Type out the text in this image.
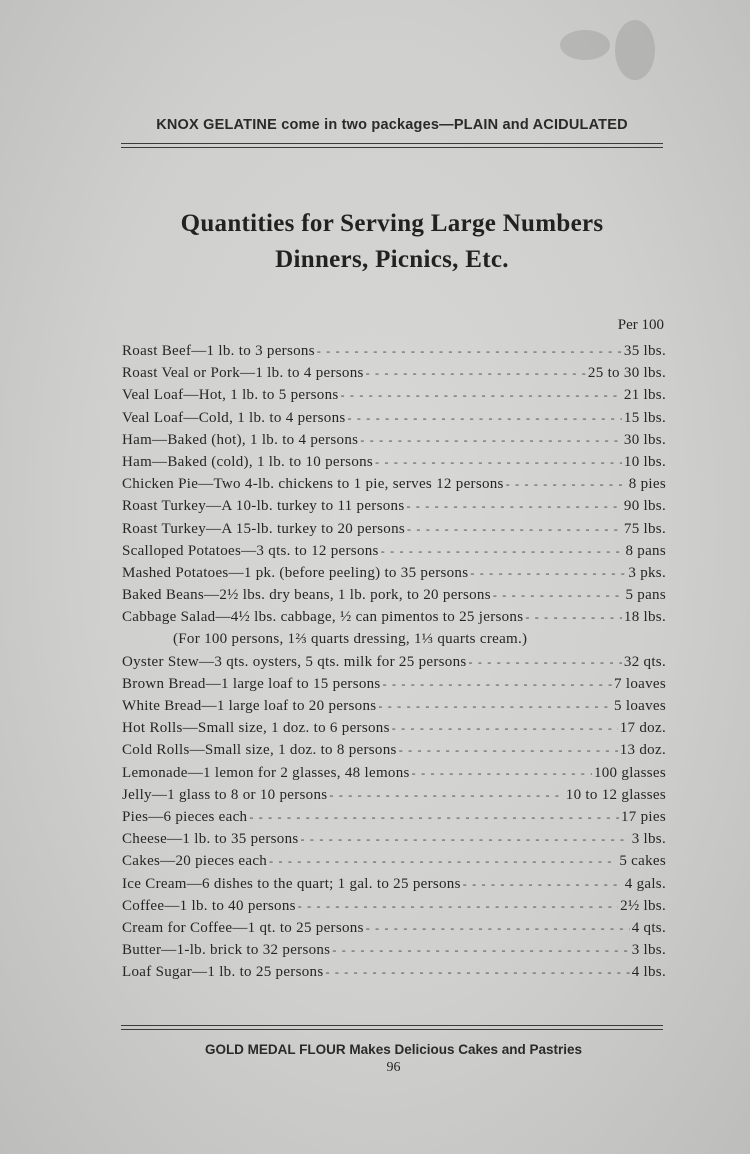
KNOX GELATINE come in two packages—PLAIN and ACIDULATED
Quantities for Serving Large Numbers
Dinners, Picnics, Etc.
Per 100
Roast Beef—1 lb. to 3 persons - - -	35 lbs.
Roast Veal or Pork—1 lb. to 4 persons - - -	25 to 30 lbs.
Veal Loaf—Hot, 1 lb. to 5 persons - - -	21 lbs.
Veal Loaf—Cold, 1 lb. to 4 persons - - -	15 lbs.
Ham—Baked (hot), 1 lb. to 4 persons - - -	30 lbs.
Ham—Baked (cold), 1 lb. to 10 persons - - -	10 lbs.
Chicken Pie—Two 4-lb. chickens to 1 pie, serves 12 persons - - -	8 pies
Roast Turkey—A 10-lb. turkey to 11 persons - - -	90 lbs.
Roast Turkey—A 15-lb. turkey to 20 persons - - -	75 lbs.
Scalloped Potatoes—3 qts. to 12 persons - - -	8 pans
Mashed Potatoes—1 pk. (before peeling) to 35 persons - - -	3 pks.
Baked Beans—2½ lbs. dry beans, 1 lb. pork, to 20 persons - - -	5 pans
Cabbage Salad—4½ lbs. cabbage, ½ can pimentos to 25 jersons - - -	18 lbs.
(For 100 persons, 1⅔ quarts dressing, 1⅓ quarts cream.)
Oyster Stew—3 qts. oysters, 5 qts. milk for 25 persons - - -	32 qts.
Brown Bread—1 large loaf to 15 persons - - -	7 loaves
White Bread—1 large loaf to 20 persons - - -	5 loaves
Hot Rolls—Small size, 1 doz. to 6 persons - - -	17 doz.
Cold Rolls—Small size, 1 doz. to 8 persons - - -	13 doz.
Lemonade—1 lemon for 2 glasses, 48 lemons - - -	100 glasses
Jelly—1 glass to 8 or 10 persons - - -	10 to 12 glasses
Pies—6 pieces each - - -	17 pies
Cheese—1 lb. to 35 persons - - -	3 lbs.
Cakes—20 pieces each - - -	5 cakes
Ice Cream—6 dishes to the quart; 1 gal. to 25 persons - - -	4 gals.
Coffee—1 lb. to 40 persons - - -	2½ lbs.
Cream for Coffee—1 qt. to 25 persons - - -	4 qts.
Butter—1-lb. brick to 32 persons - - -	3 lbs.
Loaf Sugar—1 lb. to 25 persons - - -	4 lbs.
GOLD MEDAL FLOUR Makes Delicious Cakes and Pastries
96
